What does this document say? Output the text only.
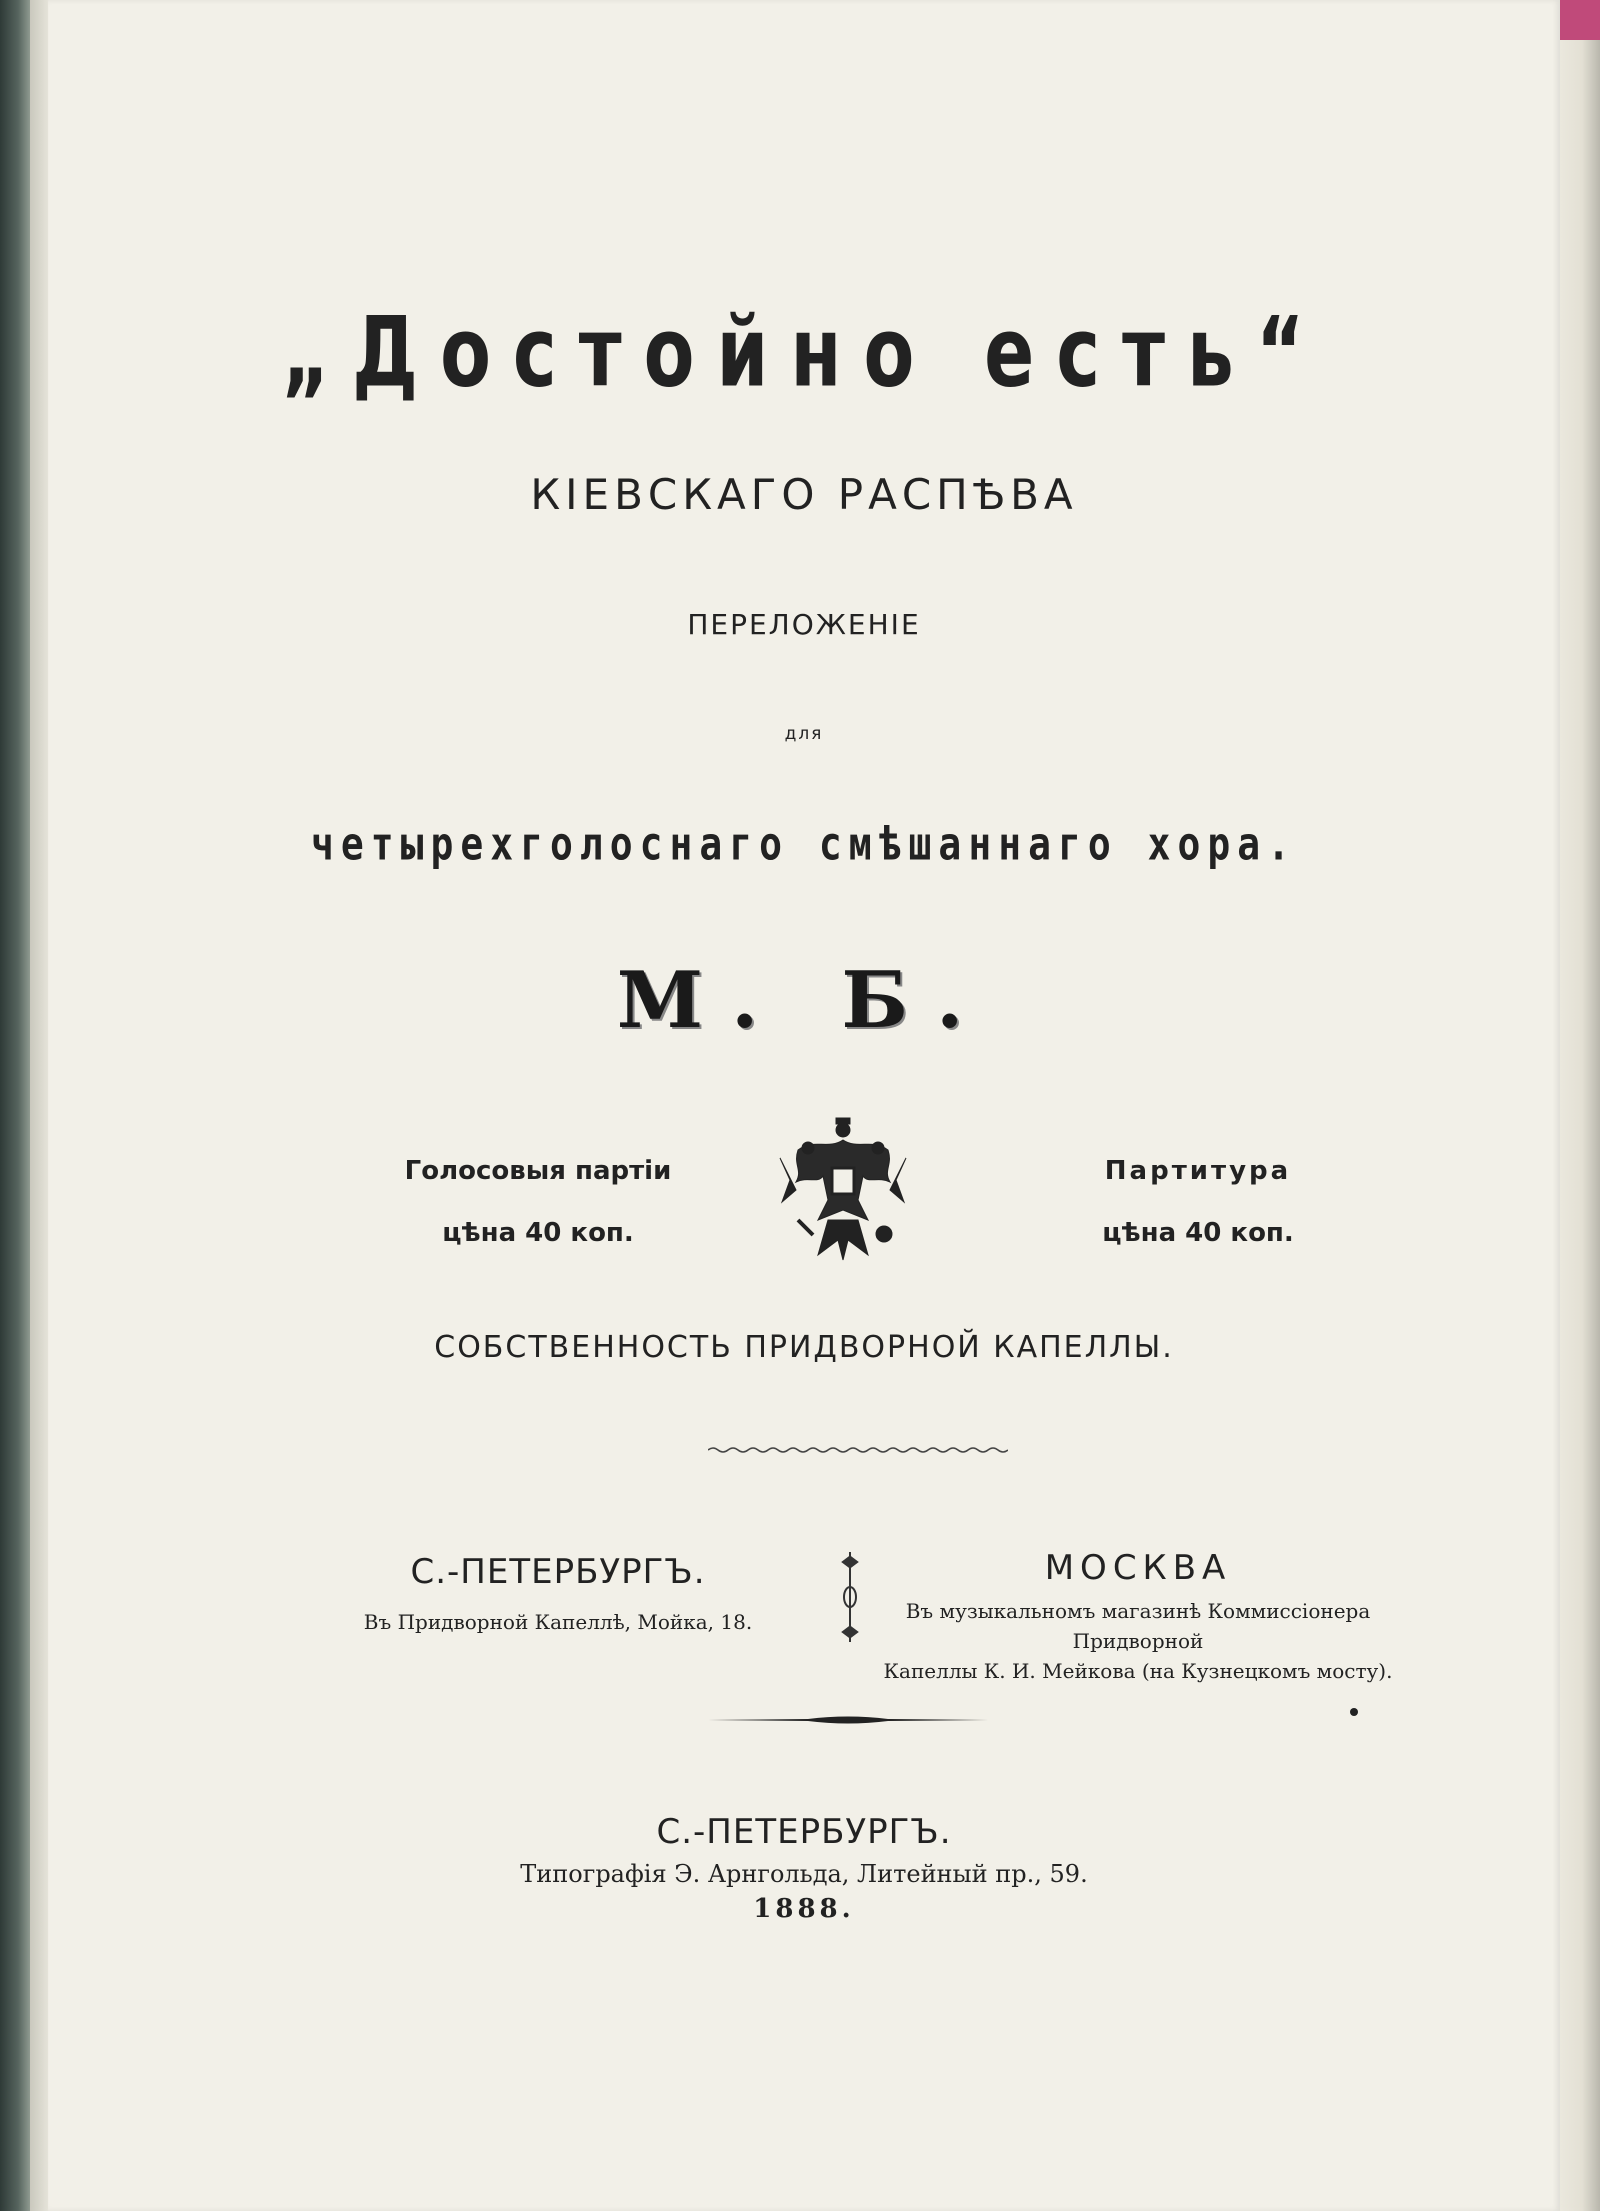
„Достойно есть“
КІЕВСКАГО РАСПѢВА
ПЕРЕЛОЖЕНІЕ
для
четырехголоснаго смѣшаннаго хора.
М. Б.
Голосовыя партіи
цѣна 40 коп.
Партитура
цѣна 40 коп.
СОБСТВЕННОСТЬ ПРИДВОРНОЙ КАПЕЛЛЫ.
С.-ПЕТЕРБУРГЪ.
Въ Придворной Капеллѣ, Мойка, 18.
МОСКВА
Въ музыкальномъ магазинѣ Коммиссіонера Придворной
Капеллы К. И. Мейкова (на Кузнецкомъ мосту).
С.-ПЕТЕРБУРГЪ.
Типографія Э. Арнгольда, Литейный пр., 59.
1888.
